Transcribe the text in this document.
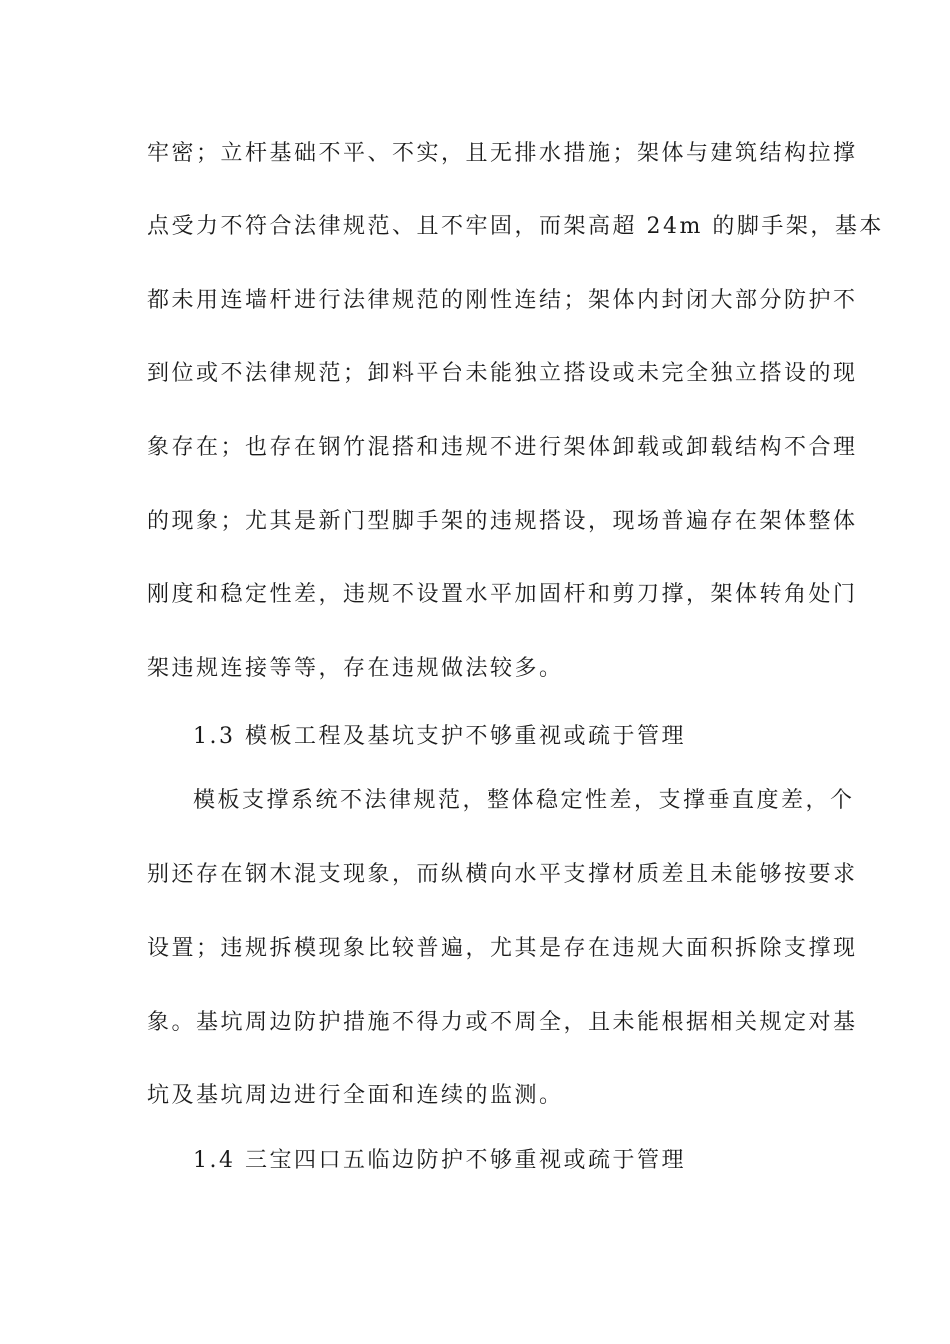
牢密；立杆基础不平、不实，且无排水措施；架体与建筑结构拉撑
点受力不符合法律规范、且不牢固，而架高超 24m 的脚手架，基本
都未用连墙杆进行法律规范的刚性连结；架体内封闭大部分防护不
到位或不法律规范；卸料平台未能独立搭设或未完全独立搭设的现
象存在；也存在钢竹混搭和违规不进行架体卸载或卸载结构不合理
的现象；尤其是新门型脚手架的违规搭设，现场普遍存在架体整体
刚度和稳定性差，违规不设置水平加固杆和剪刀撑，架体转角处门
架违规连接等等，存在违规做法较多。
1.3 模板工程及基坑支护不够重视或疏于管理
模板支撑系统不法律规范，整体稳定性差，支撑垂直度差，个
别还存在钢木混支现象，而纵横向水平支撑材质差且未能够按要求
设置；违规拆模现象比较普遍，尤其是存在违规大面积拆除支撑现
象。基坑周边防护措施不得力或不周全，且未能根据相关规定对基
坑及基坑周边进行全面和连续的监测。
1.4 三宝四口五临边防护不够重视或疏于管理
